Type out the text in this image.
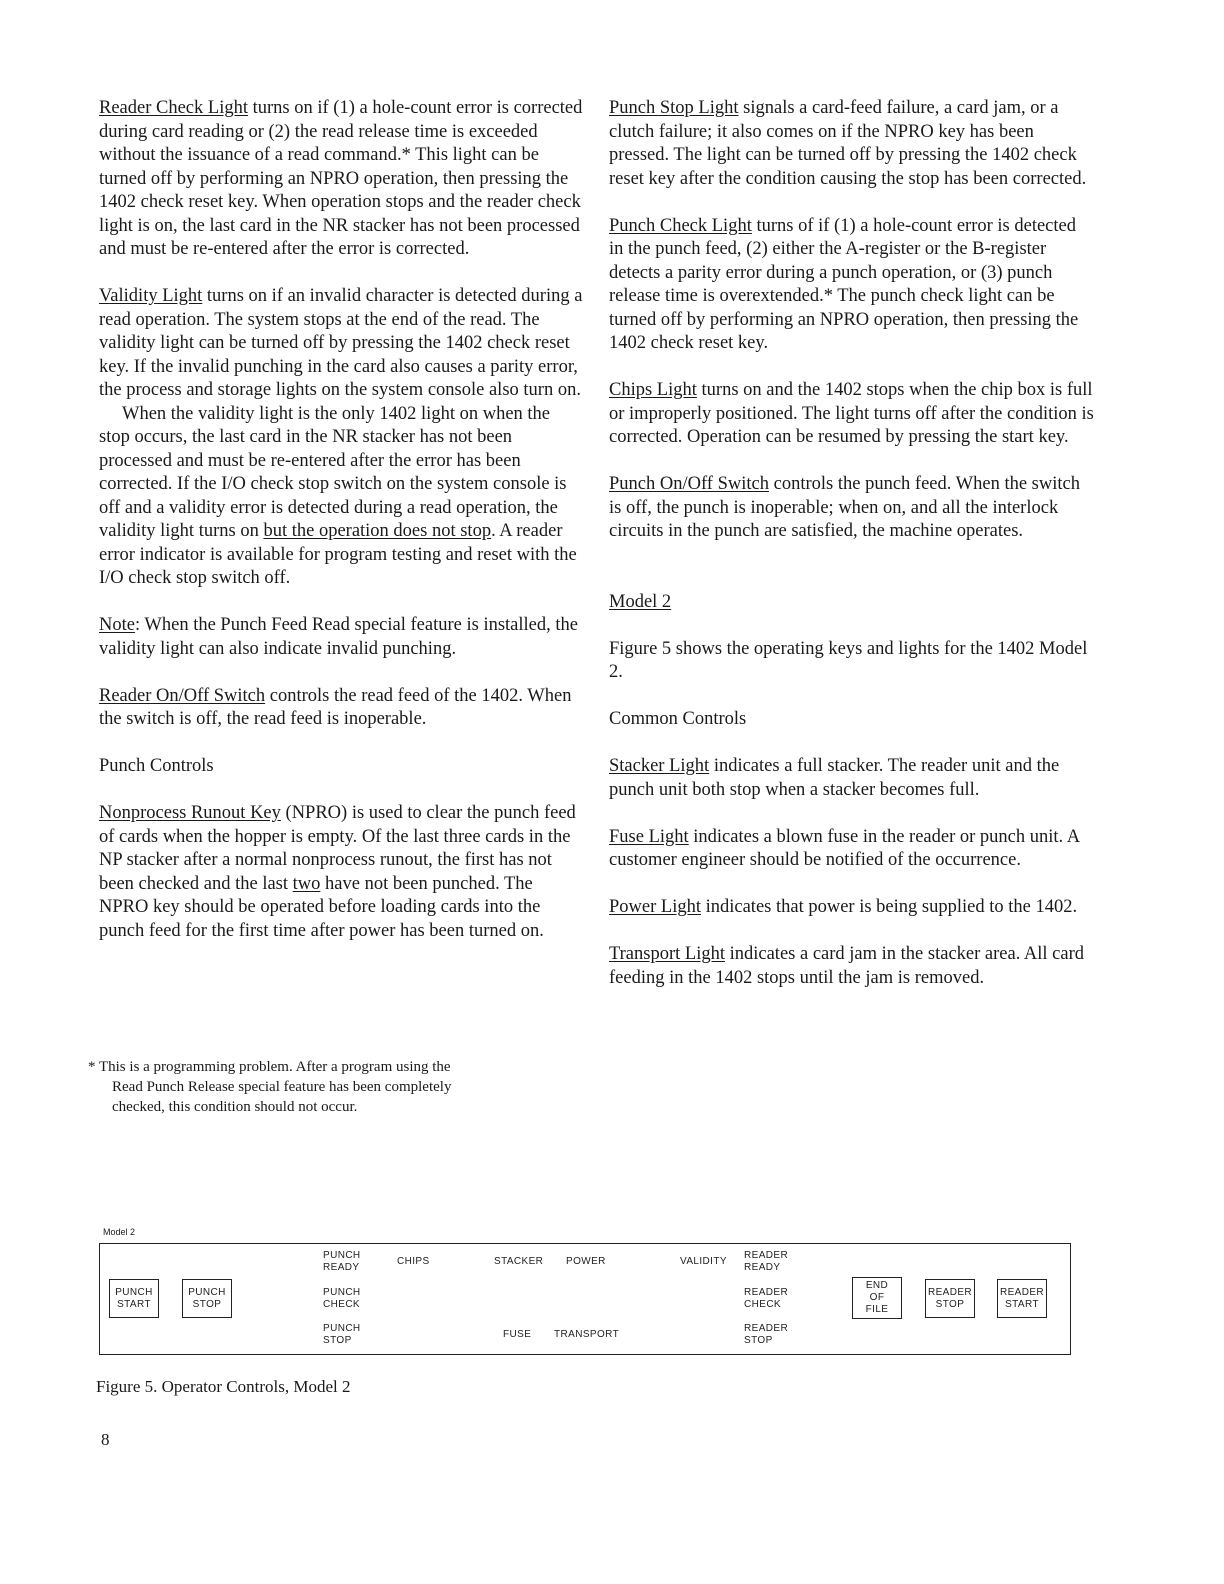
Reader Check Light turns on if (1) a hole-count error is corrected during card reading or (2) the read release time is exceeded without the issuance of a read command.* This light can be turned off by performing an NPRO operation, then pressing the 1402 check reset key. When operation stops and the reader check light is on, the last card in the NR stacker has not been processed and must be re-entered after the error is corrected.

Validity Light turns on if an invalid character is detected during a read operation. The system stops at the end of the read. The validity light can be turned off by pressing the 1402 check reset key. If the invalid punching in the card also causes a parity error, the process and storage lights on the system console also turn on.

When the validity light is the only 1402 light on when the stop occurs, the last card in the NR stacker has not been processed and must be re-entered after the error has been corrected. If the I/O check stop switch on the system console is off and a validity error is detected during a read operation, the validity light turns on but the operation does not stop. A reader error indicator is available for program testing and reset with the I/O check stop switch off.

Note: When the Punch Feed Read special feature is installed, the validity light can also indicate invalid punching.

Reader On/Off Switch controls the read feed of the 1402. When the switch is off, the read feed is inoperable.

Punch Controls

Nonprocess Runout Key (NPRO) is used to clear the punch feed of cards when the hopper is empty. Of the last three cards in the NP stacker after a normal nonprocess runout, the first has not been checked and the last two have not been punched. The NPRO key should be operated before loading cards into the punch feed for the first time after power has been turned on.

* This is a programming problem. After a program using the
Read Punch Release special feature has been completely
checked, this condition should not occur.

Punch Stop Light signals a card-feed failure, a card jam, or a clutch failure; it also comes on if the NPRO key has been pressed. The light can be turned off by pressing the 1402 check reset key after the condition causing the stop has been corrected.

Punch Check Light turns of if (1) a hole-count error is detected in the punch feed, (2) either the A-register or the B-register detects a parity error during a punch operation, or (3) punch release time is overextended.* The punch check light can be turned off by performing an NPRO operation, then pressing the 1402 check reset key.

Chips Light turns on and the 1402 stops when the chip box is full or improperly positioned. The light turns off after the condition is corrected. Operation can be resumed by pressing the start key.

Punch On/Off Switch controls the punch feed. When the switch is off, the punch is inoperable; when on, and all the interlock circuits in the punch are satisfied, the machine operates.

Model 2

Figure 5 shows the operating keys and lights for the 1402 Model 2.

Common Controls

Stacker Light indicates a full stacker. The reader unit and the punch unit both stop when a stacker becomes full.

Fuse Light indicates a blown fuse in the reader or punch unit. A customer engineer should be notified of the occurrence.

Power Light indicates that power is being supplied to the 1402.

Transport Light indicates a card jam in the stacker area. All card feeding in the 1402 stops until the jam is removed.

Model 2
PUNCH
START
PUNCH
STOP
PUNCH
READY
PUNCH
CHECK
PUNCH
STOP
CHIPS	STACKER POWER
FUSE TRANSPORT
VALIDITY
READER
READY
READER
CHECK
READER
STOP
END
OF
FILE
READER
STOP
READER
START
Figure 5. Operator Controls, Model 2
8
